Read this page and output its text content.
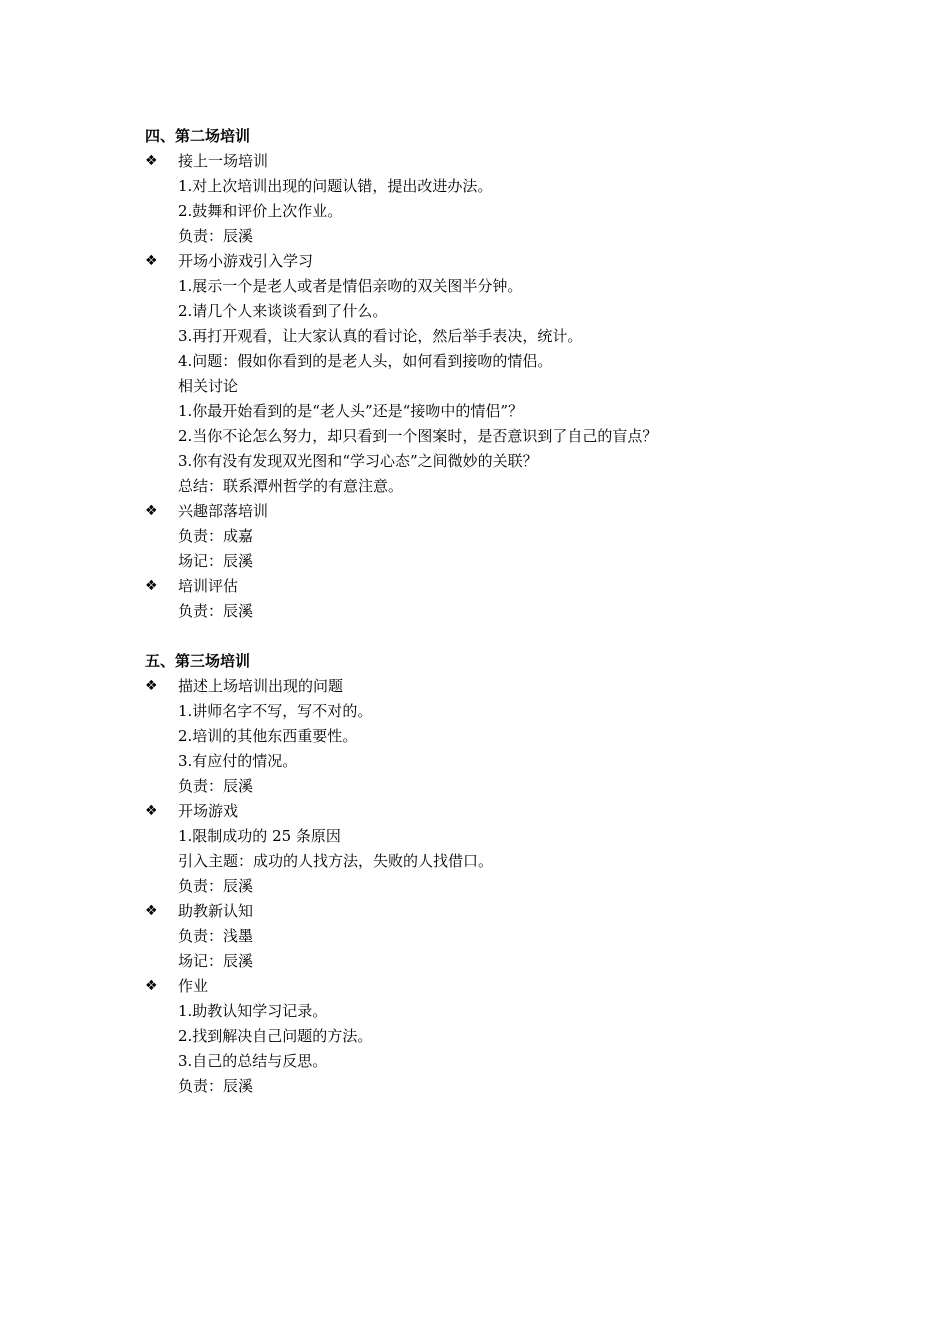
四、第二场培训
❖	接上一场培训
1.对上次培训出现的问题认错，提出改进办法。
2.鼓舞和评价上次作业。
负责：辰溪
❖	开场小游戏引入学习
1.展示一个是老人或者是情侣亲吻的双关图半分钟。
2.请几个人来谈谈看到了什么。
3.再打开观看，让大家认真的看讨论，然后举手表决，统计。
4.问题：假如你看到的是老人头，如何看到接吻的情侣。
相关讨论
1.你最开始看到的是“老人头”还是“接吻中的情侣”？
2.当你不论怎么努力，却只看到一个图案时，是否意识到了自己的盲点？
3.你有没有发现双光图和“学习心态”之间微妙的关联？
总结：联系潭州哲学的有意注意。
❖	兴趣部落培训
负责：成嘉
场记：辰溪
❖	培训评估
负责：辰溪
五、第三场培训
❖	描述上场培训出现的问题
1.讲师名字不写，写不对的。
2.培训的其他东西重要性。
3.有应付的情况。
负责：辰溪
❖	开场游戏
1.限制成功的 25 条原因
引入主题：成功的人找方法，失败的人找借口。
负责：辰溪
❖	助教新认知
负责：浅墨
场记：辰溪
❖	作业
1.助教认知学习记录。
2.找到解决自己问题的方法。
3.自己的总结与反思。
负责：辰溪
